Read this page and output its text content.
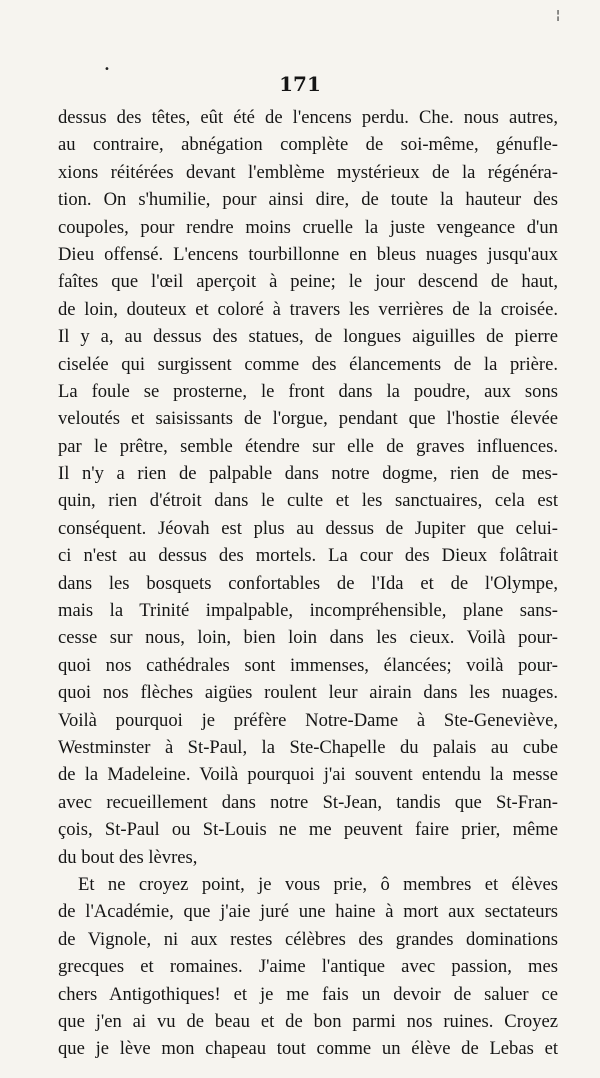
¦
•
171
dessus des têtes, eût été de l'encens perdu. Che. nous autres,
au contraire, abnégation complète de soi-même, génufle-
xions réitérées devant l'emblème mystérieux de la régénéra-
tion. On s'humilie, pour ainsi dire, de toute la hauteur des
coupoles, pour rendre moins cruelle la juste vengeance d'un
Dieu offensé. L'encens tourbillonne en bleus nuages jusqu'aux
faîtes que l'œil aperçoit à peine; le jour descend de haut,
de loin, douteux et coloré à travers les verrières de la croisée.
Il y a, au dessus des statues, de longues aiguilles de pierre
ciselée qui surgissent comme des élancements de la prière.
La foule se prosterne, le front dans la poudre, aux sons
veloutés et saisissants de l'orgue, pendant que l'hostie élevée
par le prêtre, semble étendre sur elle de graves influences.
Il n'y a rien de palpable dans notre dogme, rien de mes-
quin, rien d'étroit dans le culte et les sanctuaires, cela est
conséquent. Jéovah est plus au dessus de Jupiter que celui-
ci n'est au dessus des mortels. La cour des Dieux folâtrait
dans les bosquets confortables de l'Ida et de l'Olympe,
mais la Trinité impalpable, incompréhensible, plane sans-
cesse sur nous, loin, bien loin dans les cieux. Voilà pour-
quoi nos cathédrales sont immenses, élancées; voilà pour-
quoi nos flèches aigües roulent leur airain dans les nuages.
Voilà pourquoi je préfère Notre-Dame à Ste-Geneviève,
Westminster à St-Paul, la Ste-Chapelle du palais au cube
de la Madeleine. Voilà pourquoi j'ai souvent entendu la messe
avec recueillement dans notre St-Jean, tandis que St-Fran-
çois, St-Paul ou St-Louis ne me peuvent faire prier, même
du bout des lèvres,
Et ne croyez point, je vous prie, ô membres et élèves
de l'Académie, que j'aie juré une haine à mort aux sectateurs
de Vignole, ni aux restes célèbres des grandes dominations
grecques et romaines. J'aime l'antique avec passion, mes
chers Antigothiques! et je me fais un devoir de saluer ce
que j'en ai vu de beau et de bon parmi nos ruines. Croyez
que je lève mon chapeau tout comme un élève de Lebas et
